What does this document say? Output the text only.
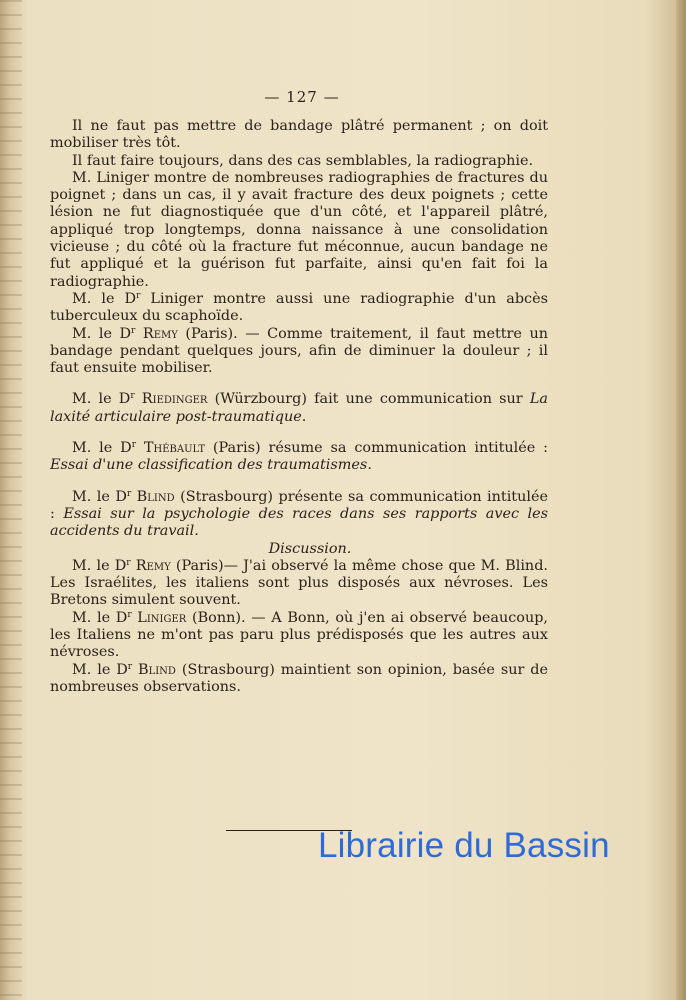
— 127 —

Il ne faut pas mettre de bandage plâtré permanent ; on doit mobiliser très tôt.

Il faut faire toujours, dans des cas semblables, la radiographie.

M. Liniger montre de nombreuses radiographies de fractures du poignet ; dans un cas, il y avait fracture des deux poignets ; cette lésion ne fut diagnostiquée que d'un côté, et l'appareil plâtré, appliqué trop longtemps, donna naissance à une consolidation vicieuse ; du côté où la fracture fut méconnue, aucun bandage ne fut appliqué et la guérison fut parfaite, ainsi qu'en fait foi la radiographie.

M. le $D^r$ Liniger montre aussi une radiographie d'un abcès tuberculeux du scaphoïde.

M. le $D^r$ Remy (Paris). — Comme traitement, il faut mettre un bandage pendant quelques jours, afin de diminuer la douleur ; il faut ensuite mobiliser.

M. le $D^r$ Riedinger (Würzbourg) fait une communication sur La laxité articulaire post-traumatique.

M. le $D^r$ Thébault (Paris) résume sa communication intitulée : Essai d'une classification des traumatismes.

M. le $D^r$ Blind (Strasbourg) présente sa communication intitulée : Essai sur la psychologie des races dans ses rapports avec les accidents du travail.

Discussion.

M. le $D^r$ Remy (Paris)— J'ai observé la même chose que M. Blind. Les Israélites, les italiens sont plus disposés aux névroses. Les Bretons simulent souvent.

M. le $D^r$ Liniger (Bonn). — A Bonn, où j'en ai observé beaucoup, les Italiens ne m'ont pas paru plus prédisposés que les autres aux névroses.

M. le $D^r$ Blind (Strasbourg) maintient son opinion, basée sur de nombreuses observations.

Librairie du Bassin
